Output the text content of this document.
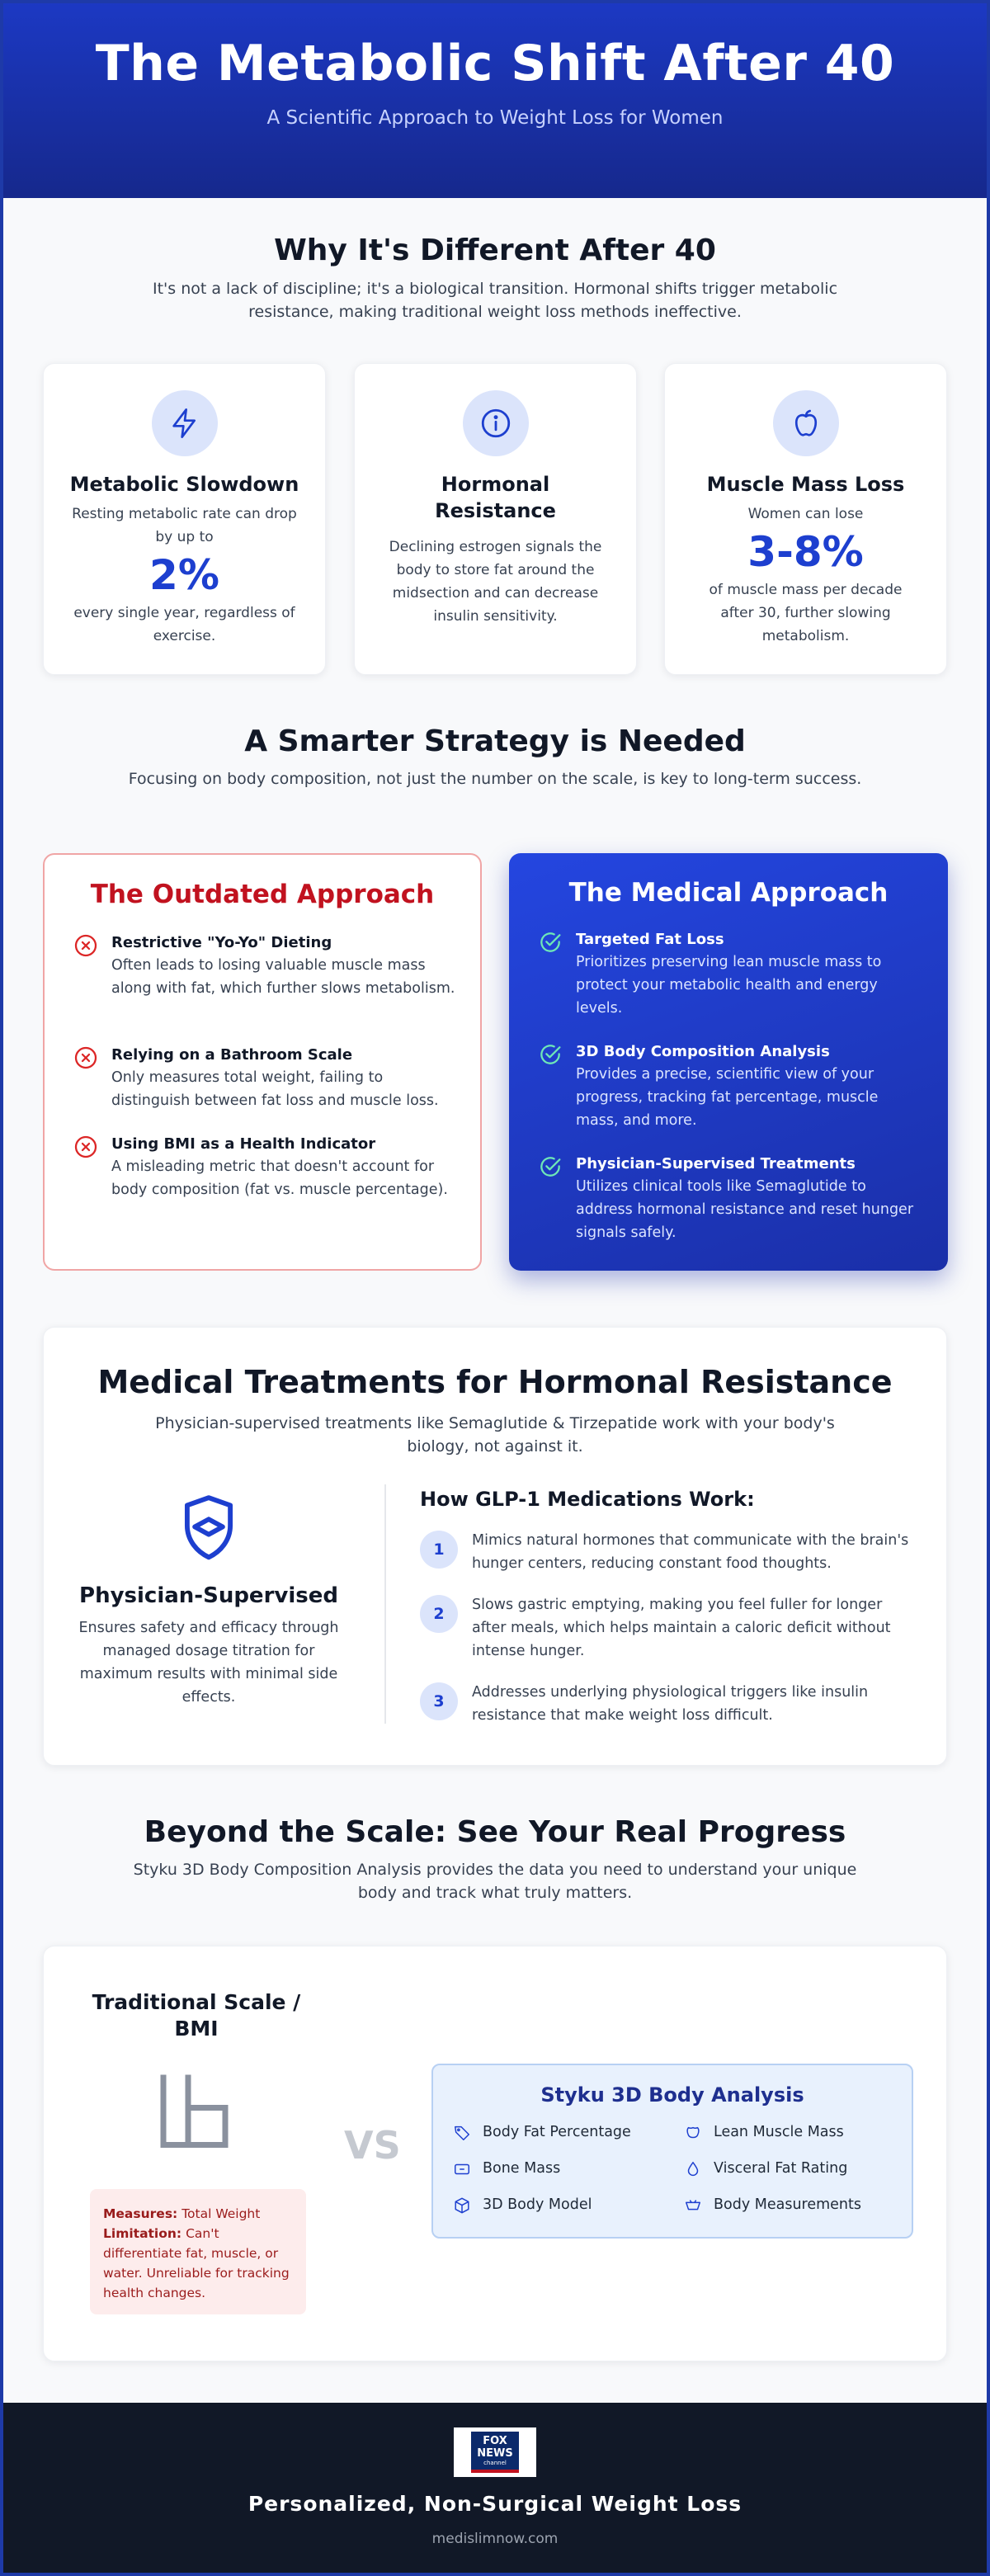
The Metabolic Shift After 40

A Scientific Approach to Weight Loss for Women

Why It's Different After 40

It's not a lack of discipline; it's a biological transition. Hormonal shifts trigger metabolic resistance, making traditional weight loss methods ineffective.

Metabolic Slowdown

Resting metabolic rate can drop by up to

2%

every single year, regardless of exercise.

Hormonal Resistance

Declining estrogen signals the body to store fat around the midsection and can decrease insulin sensitivity.

Muscle Mass Loss

Women can lose

3-8%

of muscle mass per decade after 30, further slowing metabolism.

A Smarter Strategy is Needed

Focusing on body composition, not just the number on the scale, is key to long-term success.

The Outdated Approach
Restrictive "Yo-Yo" Dieting
Often leads to losing valuable muscle mass along with fat, which further slows metabolism.
Relying on a Bathroom Scale
Only measures total weight, failing to distinguish between fat loss and muscle loss.
Using BMI as a Health Indicator
A misleading metric that doesn't account for body composition (fat vs. muscle percentage).
The Medical Approach
Targeted Fat Loss
Prioritizes preserving lean muscle mass to protect your metabolic health and energy levels.
3D Body Composition Analysis
Provides a precise, scientific view of your progress, tracking fat percentage, muscle mass, and more.
Physician-Supervised Treatments
Utilizes clinical tools like Semaglutide to address hormonal resistance and reset hunger signals safely.
Medical Treatments for Hormonal Resistance

Physician-supervised treatments like Semaglutide & Tirzepatide work with your body's biology, not against it.

Physician-Supervised

Ensures safety and efficacy through managed dosage titration for maximum results with minimal side effects.

How GLP-1 Medications Work:
1	Mimics natural hormones that communicate with the brain's hunger centers, reducing constant food thoughts.
2	Slows gastric emptying, making you feel fuller for longer after meals, which helps maintain a caloric deficit without intense hunger.
3	Addresses underlying physiological triggers like insulin resistance that make weight loss difficult.
Beyond the Scale: See Your Real Progress

Styku 3D Body Composition Analysis provides the data you need to understand your unique body and track what truly matters.

Traditional Scale / BMI
Measures: Total Weight
Limitation: Can't differentiate fat, muscle, or water. Unreliable for tracking health changes.
VS
Styku 3D Body Analysis
Body Fat Percentage	Lean Muscle Mass
Bone Mass	Visceral Fat Rating
3D Body Model	Body Measurements
FOX
NEWS
channel
Personalized, Non-Surgical Weight Loss
medislimnow.com
